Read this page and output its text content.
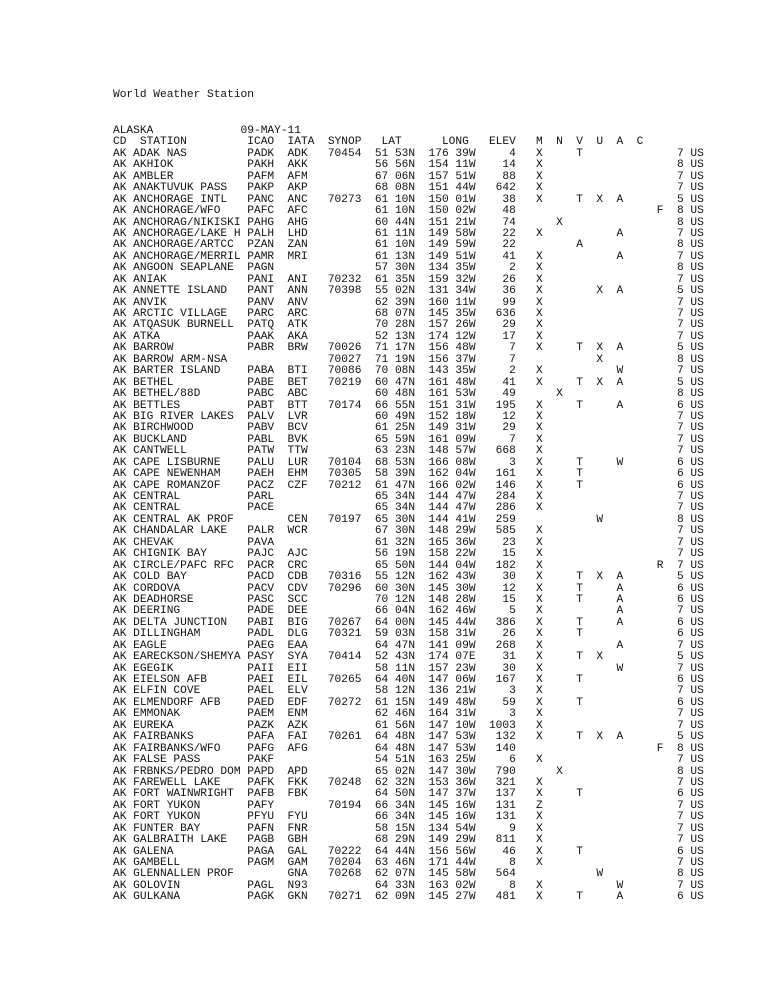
World Weather Station
ALASKA             09-MAY-11
CD  STATION         ICAO  IATA  SYNOP   LAT      LONG   ELEV   M  N  V  U  A  C
AK ADAK NAS         PADK  ADK   70454  51 53N  176 39W     4   X     T              7 US
AK AKHIOK           PAKH  AKK          56 56N  154 11W    14   X                    8 US
AK AMBLER           PAFM  AFM          67 06N  157 51W    88   X                    7 US
AK ANAKTUVUK PASS   PAKP  AKP          68 08N  151 44W   642   X                    7 US
AK ANCHORAGE INTL   PANC  ANC   70273  61 10N  150 01W    38   X     T  X  A        5 US
AK ANCHORAGE/WFO    PAFC  AFC          61 10N  150 02W    48                     F  8 US
AK ANCHORAG/NIKISKI PAHG  AHG          60 44N  151 21W    74      X                 8 US
AK ANCHORAGE/LAKE H PALH  LHD          61 11N  149 58W    22   X           A        7 US
AK ANCHORAGE/ARTCC  PZAN  ZAN          61 10N  149 59W    22         A              8 US
AK ANCHORAGE/MERRIL PAMR  MRI          61 13N  149 51W    41   X           A        7 US
AK ANGOON SEAPLANE  PAGN               57 30N  134 35W     2   X                    8 US
AK ANIAK            PANI  ANI   70232  61 35N  159 32W    26   X                    7 US
AK ANNETTE ISLAND   PANT  ANN   70398  55 02N  131 34W    36   X        X  A        5 US
AK ANVIK            PANV  ANV          62 39N  160 11W    99   X                    7 US
AK ARCTIC VILLAGE   PARC  ARC          68 07N  145 35W   636   X                    7 US
AK ATQASUK BURNELL  PATQ  ATK          70 28N  157 26W    29   X                    7 US
AK ATKA             PAAK  AKA          52 13N  174 12W    17   X                    7 US
AK BARROW           PABR  BRW   70026  71 17N  156 48W     7   X     T  X  A        5 US
AK BARROW ARM-NSA               70027  71 19N  156 37W     7            X           8 US
AK BARTER ISLAND    PABA  BTI   70086  70 08N  143 35W     2   X           W        7 US
AK BETHEL           PABE  BET   70219  60 47N  161 48W    41   X     T  X  A        5 US
AK BETHEL/88D       PABC  ABC          60 48N  161 53W    49      X                 8 US
AK BETTLES          PABT  BTT   70174  66 55N  151 31W   195   X     T     A        6 US
AK BIG RIVER LAKES  PALV  LVR          60 49N  152 18W    12   X                    7 US
AK BIRCHWOOD        PABV  BCV          61 25N  149 31W    29   X                    7 US
AK BUCKLAND         PABL  BVK          65 59N  161 09W     7   X                    7 US
AK CANTWELL         PATW  TTW          63 23N  148 57W   668   X                    7 US
AK CAPE LISBURNE    PALU  LUR   70104  68 53N  166 08W     3   X     T     W        6 US
AK CAPE NEWENHAM    PAEH  EHM   70305  58 39N  162 04W   161   X     T              6 US
AK CAPE ROMANZOF    PACZ  CZF   70212  61 47N  166 02W   146   X     T              6 US
AK CENTRAL          PARL               65 34N  144 47W   284   X                    7 US
AK CENTRAL          PACE               65 34N  144 47W   286   X                    7 US
AK CENTRAL AK PROF        CEN   70197  65 30N  144 41W   259            W           8 US
AK CHANDALAR LAKE   PALR  WCR          67 30N  148 29W   585   X                    7 US
AK CHEVAK           PAVA               61 32N  165 36W    23   X                    7 US
AK CHIGNIK BAY      PAJC  AJC          56 19N  158 22W    15   X                    7 US
AK CIRCLE/PAFC RFC  PACR  CRC          65 50N  144 04W   182   X                 R  7 US
AK COLD BAY         PACD  CDB   70316  55 12N  162 43W    30   X     T  X  A        5 US
AK CORDOVA          PACV  CDV   70296  60 30N  145 30W    12   X     T     A        6 US
AK DEADHORSE        PASC  SCC          70 12N  148 28W    15   X     T     A        6 US
AK DEERING          PADE  DEE          66 04N  162 46W     5   X           A        7 US
AK DELTA JUNCTION   PABI  BIG   70267  64 00N  145 44W   386   X     T     A        6 US
AK DILLINGHAM       PADL  DLG   70321  59 03N  158 31W    26   X     T              6 US
AK EAGLE            PAEG  EAA          64 47N  141 09W   268   X           A        7 US
AK EARECKSON/SHEMYA PASY  SYA   70414  52 43N  174 07E    31   X     T  X           5 US
AK EGEGIK           PAII  EII          58 11N  157 23W    30   X           W        7 US
AK EIELSON AFB      PAEI  EIL   70265  64 40N  147 06W   167   X     T              6 US
AK ELFIN COVE       PAEL  ELV          58 12N  136 21W     3   X                    7 US
AK ELMENDORF AFB    PAED  EDF   70272  61 15N  149 48W    59   X     T              6 US
AK EMMONAK          PAEM  ENM          62 46N  164 31W     3   X                    7 US
AK EUREKA           PAZK  AZK          61 56N  147 10W  1003   X                    7 US
AK FAIRBANKS        PAFA  FAI   70261  64 48N  147 53W   132   X     T  X  A        5 US
AK FAIRBANKS/WFO    PAFG  AFG          64 48N  147 53W   140                     F  8 US
AK FALSE PASS       PAKF               54 51N  163 25W     6   X                    7 US
AK FRBNKS/PEDRO DOM PAPD  APD          65 02N  147 30W   790      X                 8 US
AK FAREWELL LAKE    PAFK  FKK   70248  62 32N  153 36W   321   X                    7 US
AK FORT WAINWRIGHT  PAFB  FBK          64 50N  147 37W   137   X     T              6 US
AK FORT YUKON       PAFY        70194  66 34N  145 16W   131   Z                    7 US
AK FORT YUKON       PFYU  FYU          66 34N  145 16W   131   X                    7 US
AK FUNTER BAY       PAFN  FNR          58 15N  134 54W     9   X                    7 US
AK GALBRAITH LAKE   PAGB  GBH          68 29N  149 29W   811   X                    7 US
AK GALENA           PAGA  GAL   70222  64 44N  156 56W    46   X     T              6 US
AK GAMBELL          PAGM  GAM   70204  63 46N  171 44W     8   X                    7 US
AK GLENNALLEN PROF        GNA   70268  62 07N  145 58W   564            W           8 US
AK GOLOVIN          PAGL  N93          64 33N  163 02W     8   X           W        7 US
AK GULKANA          PAGK  GKN   70271  62 09N  145 27W   481   X     T     A        6 US
